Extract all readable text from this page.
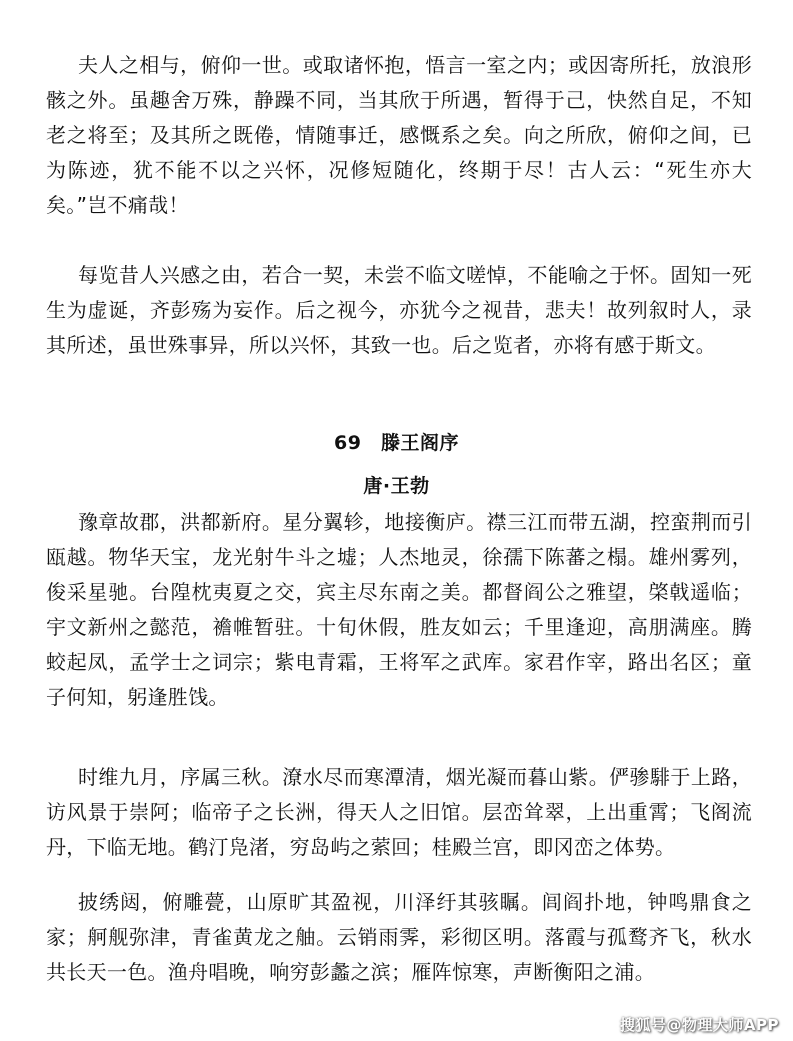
夫人之相与，俯仰一世。或取诸怀抱，悟言一室之内；或因寄所托，放浪形骸之外。虽趣舍万殊，静躁不同，当其欣于所遇，暂得于己，快然自足，不知老之将至；及其所之既倦，情随事迁，感慨系之矣。向之所欣，俯仰之间，已为陈迹，犹不能不以之兴怀，况修短随化，终期于尽！古人云：“死生亦大矣。”岂不痛哉！

每览昔人兴感之由，若合一契，未尝不临文嗟悼，不能喻之于怀。固知一死生为虚诞，齐彭殇为妄作。后之视今，亦犹今之视昔，悲夫！故列叙时人，录其所述，虽世殊事异，所以兴怀，其致一也。后之览者，亦将有感于斯文。

69　滕王阁序
唐·王勃

豫章故郡，洪都新府。星分翼轸，地接衡庐。襟三江而带五湖，控蛮荆而引瓯越。物华天宝，龙光射牛斗之墟；人杰地灵，徐孺下陈蕃之榻。雄州雾列，俊采星驰。台隍枕夷夏之交，宾主尽东南之美。都督阎公之雅望，棨戟遥临；宇文新州之懿范，襜帷暂驻。十旬休假，胜友如云；千里逢迎，高朋满座。腾蛟起凤，孟学士之词宗；紫电青霜，王将军之武库。家君作宰，路出名区；童子何知，躬逢胜饯。

时维九月，序属三秋。潦水尽而寒潭清，烟光凝而暮山紫。俨骖騑于上路，访风景于崇阿；临帝子之长洲，得天人之旧馆。层峦耸翠，上出重霄；飞阁流丹，下临无地。鹤汀凫渚，穷岛屿之萦回；桂殿兰宫，即冈峦之体势。

披绣闼，俯雕甍，山原旷其盈视，川泽纡其骇瞩。闾阎扑地，钟鸣鼎食之家；舸舰弥津，青雀黄龙之舳。云销雨霁，彩彻区明。落霞与孤鹜齐飞，秋水共长天一色。渔舟唱晚，响穷彭蠡之滨；雁阵惊寒，声断衡阳之浦。

搜狐号@物理大师APP
